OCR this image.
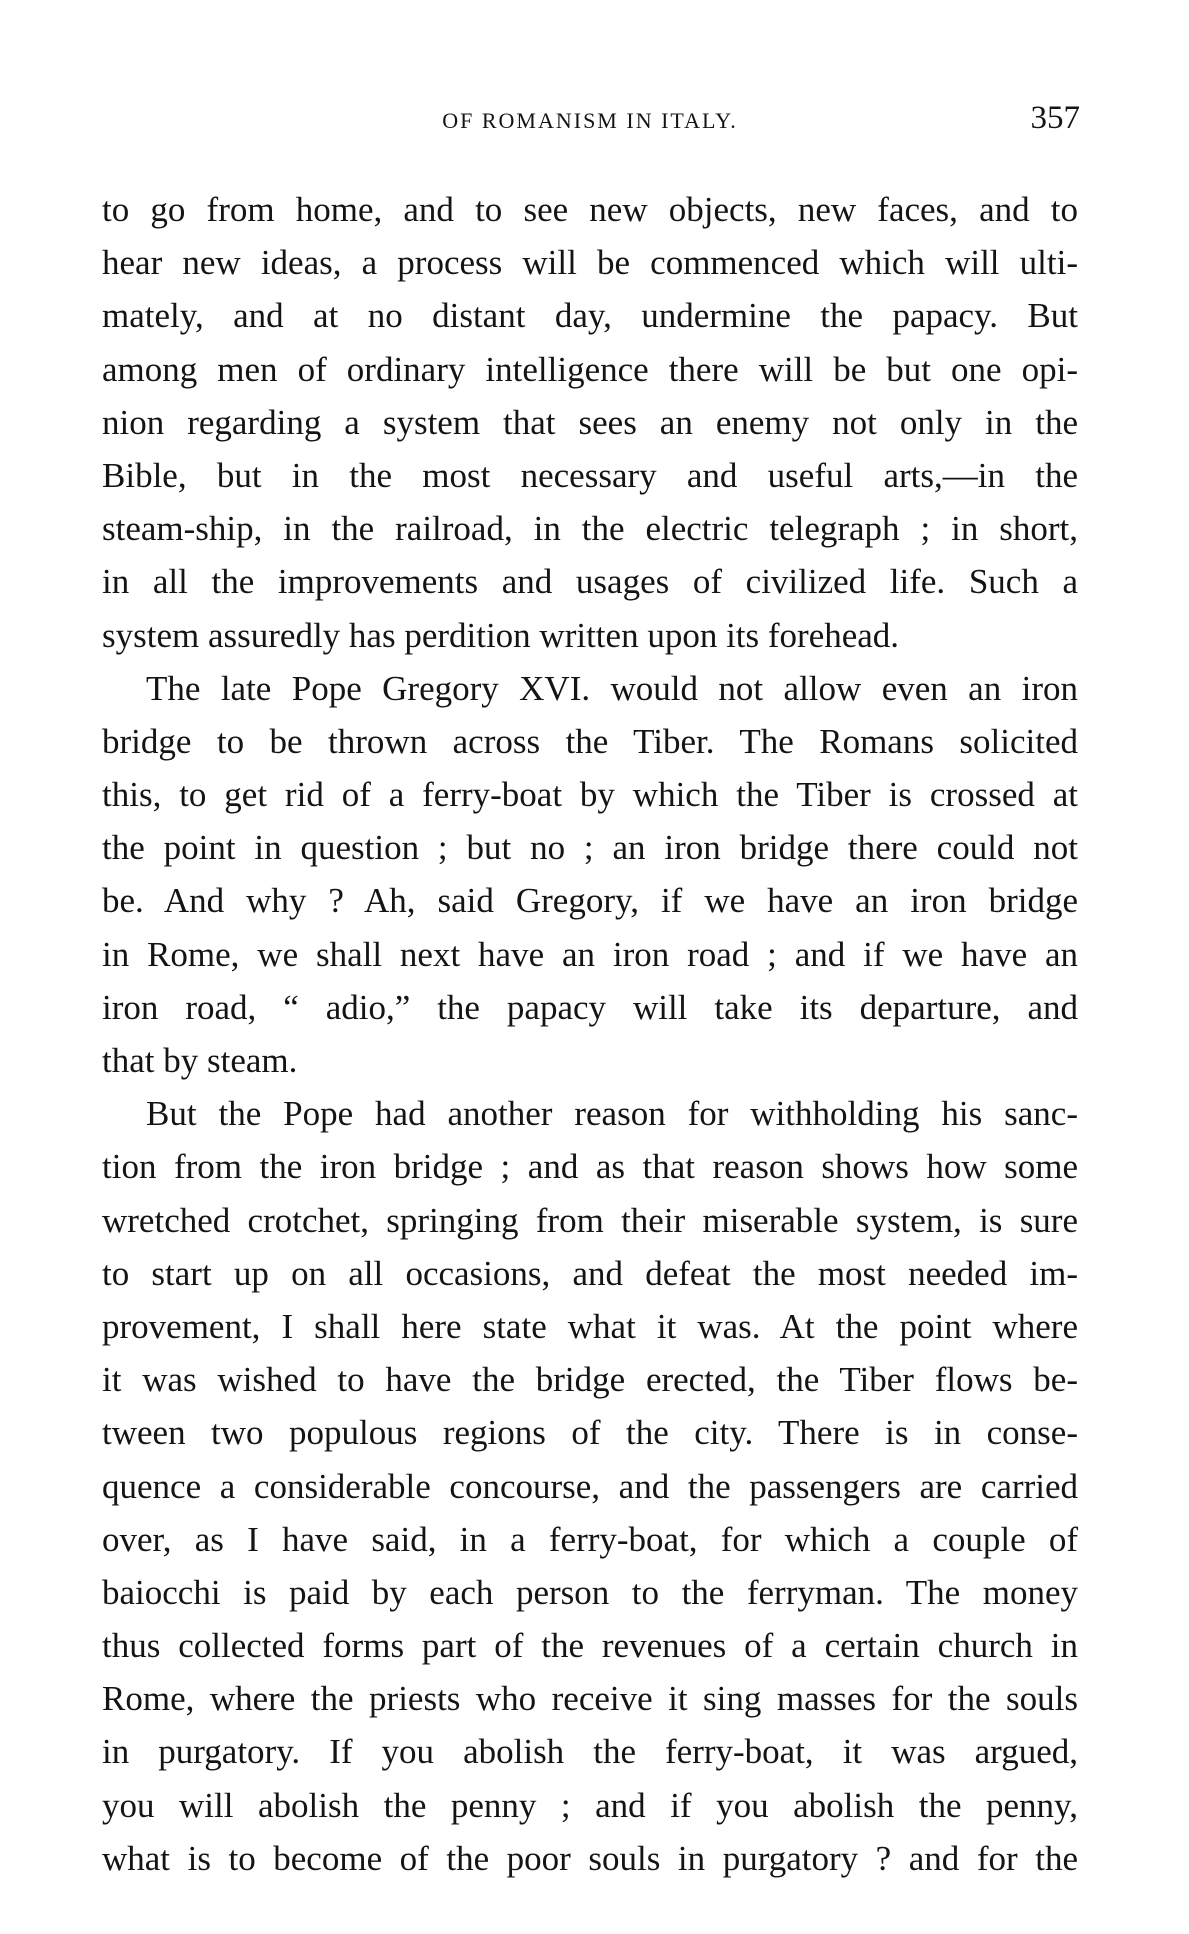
OF ROMANISM IN ITALY.	357
to go from home, and to see new objects, new faces, and to
hear new ideas, a process will be commenced which will ulti-
mately, and at no distant day, undermine the papacy. But
among men of ordinary intelligence there will be but one opi-
nion regarding a system that sees an enemy not only in the
Bible, but in the most necessary and useful arts,—in the
steam-ship, in the railroad, in the electric telegraph ; in short,
in all the improvements and usages of civilized life. Such a
system assuredly has perdition written upon its forehead.
The late Pope Gregory XVI. would not allow even an iron
bridge to be thrown across the Tiber. The Romans solicited
this, to get rid of a ferry-boat by which the Tiber is crossed at
the point in question ; but no ; an iron bridge there could not
be. And why ? Ah, said Gregory, if we have an iron bridge
in Rome, we shall next have an iron road ; and if we have an
iron road, “ adio,” the papacy will take its departure, and
that by steam.
But the Pope had another reason for withholding his sanc-
tion from the iron bridge ; and as that reason shows how some
wretched crotchet, springing from their miserable system, is sure
to start up on all occasions, and defeat the most needed im-
provement, I shall here state what it was. At the point where
it was wished to have the bridge erected, the Tiber flows be-
tween two populous regions of the city. There is in conse-
quence a considerable concourse, and the passengers are carried
over, as I have said, in a ferry-boat, for which a couple of
baiocchi is paid by each person to the ferryman. The money
thus collected forms part of the revenues of a certain church in
Rome, where the priests who receive it sing masses for the souls
in purgatory. If you abolish the ferry-boat, it was argued,
you will abolish the penny ; and if you abolish the penny,
what is to become of the poor souls in purgatory ? and for the
